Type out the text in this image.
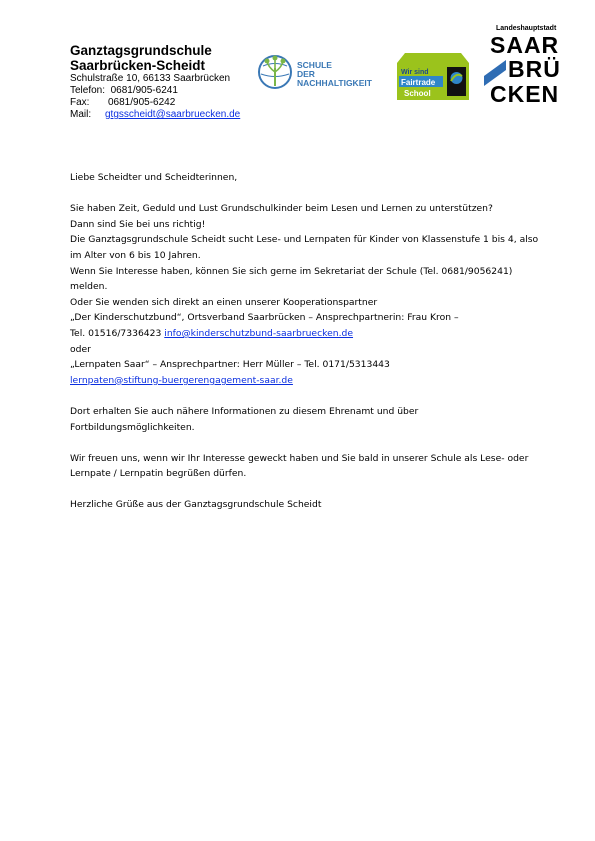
Ganztagsgrundschule
Saarbrücken-Scheidt
Schulstraße 10, 66133 Saarbrücken
Telefon: 0681/905-6241
Fax: 0681/905-6242
Mail: gtgsscheidt@saarbruecken.de
SCHULE
DER
NACHHALTIGKEIT
Wir sind
Fairtrade
School
Landeshauptstadt
SAAR
BRÜ
CKEN

Liebe Scheidter und Scheidterinnen,

Sie haben Zeit, Geduld und Lust Grundschulkinder beim Lesen und Lernen zu unterstützen?

Dann sind Sie bei uns richtig!

Die Ganztagsgrundschule Scheidt sucht Lese- und Lernpaten für Kinder von Klassenstufe 1 bis 4, also

im Alter von 6 bis 10 Jahren.

Wenn Sie Interesse haben, können Sie sich gerne im Sekretariat der Schule (Tel. 0681/9056241)

melden.

Oder Sie wenden sich direkt an einen unserer Kooperationspartner

„Der Kinderschutzbund“, Ortsverband Saarbrücken – Ansprechpartnerin: Frau Kron –

Tel. 01516/7336423 info@kinderschutzbund-saarbruecken.de

oder

„Lernpaten Saar“ – Ansprechpartner: Herr Müller – Tel. 0171/5313443

lernpaten@stiftung-buergerengagement-saar.de

Dort erhalten Sie auch nähere Informationen zu diesem Ehrenamt und über

Fortbildungsmöglichkeiten.

Wir freuen uns, wenn wir Ihr Interesse geweckt haben und Sie bald in unserer Schule als Lese- oder

Lernpate / Lernpatin begrüßen dürfen.

Herzliche Grüße aus der Ganztagsgrundschule Scheidt
